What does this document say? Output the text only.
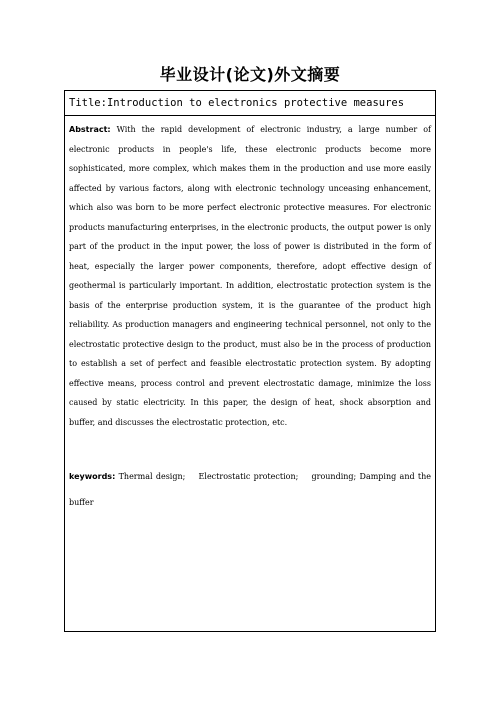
毕业设计(论文)外文摘要
Title:Introduction to electronics protective measures

Abstract: With the rapid development of electronic industry, a large number of electronic products in people's life, these electronic products become more sophisticated, more complex, which makes them in the production and use more easily affected by various factors, along with electronic technology unceasing enhancement, which also was born to be more perfect electronic protective measures. For electronic products manufacturing enterprises, in the electronic products, the output power is only part of the product in the input power, the loss of power is distributed in the form of heat, especially the larger power components, therefore, adopt effective design of geothermal is particularly important. In addition, electrostatic protection system is the basis of the enterprise production system, it is the guarantee of the product high reliability. As production managers and engineering technical personnel, not only to the electrostatic protective design to the product, must also be in the process of production to establish a set of perfect and feasible electrostatic protection system. By adopting effective means, process control and prevent electrostatic damage, minimize the loss caused by static electricity. In this paper, the design of heat, shock absorption and buffer, and discusses the electrostatic protection, etc.

keywords: Thermal design;    Electrostatic protection;    grounding; Damping and the buffer
